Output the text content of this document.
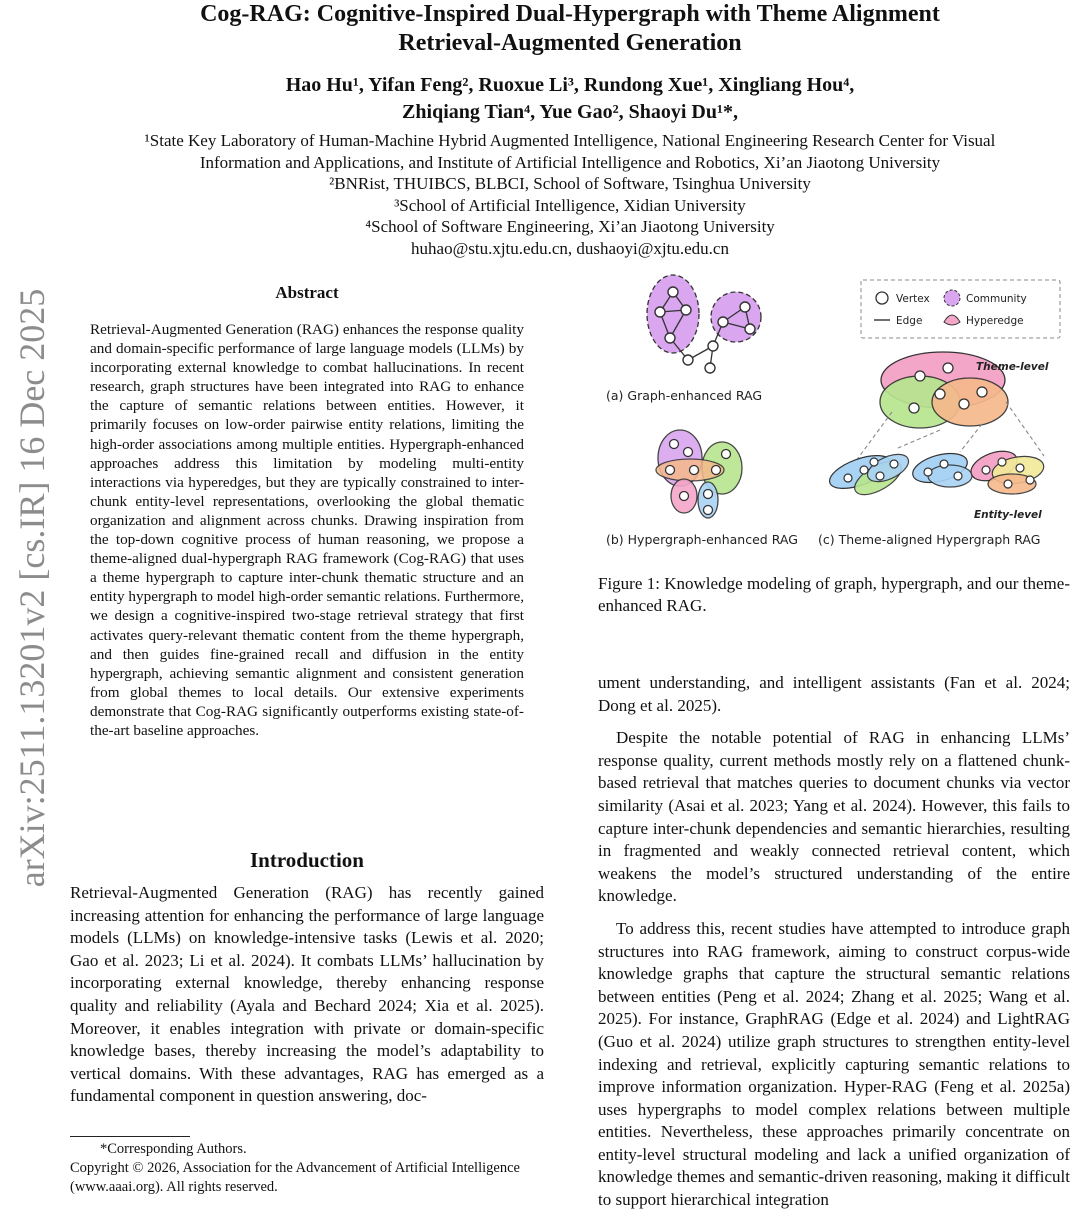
arXiv:2511.13201v2 [cs.IR] 16 Dec 2025
Cog-RAG: Cognitive-Inspired Dual-Hypergraph with Theme Alignment
Retrieval-Augmented Generation
Hao Hu¹, Yifan Feng², Ruoxue Li³, Rundong Xue¹, Xingliang Hou⁴,
Zhiqiang Tian⁴, Yue Gao², Shaoyi Du¹*,
¹State Key Laboratory of Human-Machine Hybrid Augmented Intelligence, National Engineering Research Center for Visual
Information and Applications, and Institute of Artificial Intelligence and Robotics, Xi’an Jiaotong University
²BNRist, THUIBCS, BLBCI, School of Software, Tsinghua University
³School of Artificial Intelligence, Xidian University
⁴School of Software Engineering, Xi’an Jiaotong University
huhao@stu.xjtu.edu.cn, dushaoyi@xjtu.edu.cn
Abstract
Retrieval-Augmented Generation (RAG) enhances the response quality and domain-specific performance of large language models (LLMs) by incorporating external knowledge to combat hallucinations. In recent research, graph structures have been integrated into RAG to enhance the capture of semantic relations between entities. However, it primarily focuses on low-order pairwise entity relations, limiting the high-order associations among multiple entities. Hypergraph-enhanced approaches address this limitation by modeling multi-entity interactions via hyperedges, but they are typically constrained to inter-chunk entity-level representations, overlooking the global thematic organization and alignment across chunks. Drawing inspiration from the top-down cognitive process of human reasoning, we propose a theme-aligned dual-hypergraph RAG framework (Cog-RAG) that uses a theme hypergraph to capture inter-chunk thematic structure and an entity hypergraph to model high-order semantic relations. Furthermore, we design a cognitive-inspired two-stage retrieval strategy that first activates query-relevant thematic content from the theme hypergraph, and then guides fine-grained recall and diffusion in the entity hypergraph, achieving semantic alignment and consistent generation from global themes to local details. Our extensive experiments demonstrate that Cog-RAG significantly outperforms existing state-of-the-art baseline approaches.
Introduction
Retrieval-Augmented Generation (RAG) has recently gained increasing attention for enhancing the performance of large language models (LLMs) on knowledge-intensive tasks (Lewis et al. 2020; Gao et al. 2023; Li et al. 2024). It combats LLMs’ hallucination by incorporating external knowledge, thereby enhancing response quality and reliability (Ayala and Bechard 2024; Xia et al. 2025). Moreover, it enables integration with private or domain-specific knowledge bases, thereby increasing the model’s adaptability to vertical domains. With these advantages, RAG has emerged as a fundamental component in question answering, doc-
*Corresponding Authors.
Copyright © 2026, Association for the Advancement of Artificial Intelligence (www.aaai.org). All rights reserved.
(a) Graph-enhanced RAG
Vertex	Community
Edge	Hyperedge
(b) Hypergraph-enhanced RAG
Theme-level
Entity-level
(c) Theme-aligned Hypergraph RAG
Figure 1: Knowledge modeling of graph, hypergraph, and our theme-enhanced RAG.

ument understanding, and intelligent assistants (Fan et al. 2024; Dong et al. 2025).

Despite the notable potential of RAG in enhancing LLMs’ response quality, current methods mostly rely on a flattened chunk-based retrieval that matches queries to document chunks via vector similarity (Asai et al. 2023; Yang et al. 2024). However, this fails to capture inter-chunk dependencies and semantic hierarchies, resulting in fragmented and weakly connected retrieval content, which weakens the model’s structured understanding of the entire knowledge.

To address this, recent studies have attempted to introduce graph structures into RAG framework, aiming to construct corpus-wide knowledge graphs that capture the structural semantic relations between entities (Peng et al. 2024; Zhang et al. 2025; Wang et al. 2025). For instance, GraphRAG (Edge et al. 2024) and LightRAG (Guo et al. 2024) utilize graph structures to strengthen entity-level indexing and retrieval, explicitly capturing semantic relations to improve information organization. Hyper-RAG (Feng et al. 2025a) uses hypergraphs to model complex relations between multiple entities. Nevertheless, these approaches primarily concentrate on entity-level structural modeling and lack a unified organization of knowledge themes and semantic-driven reasoning, making it difficult to support hierarchical integration
